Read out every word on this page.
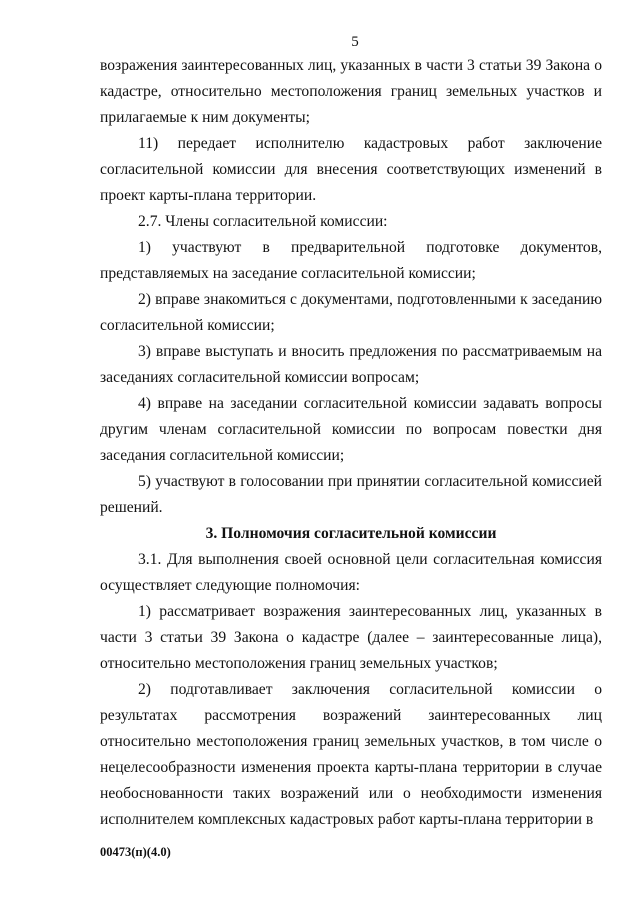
5

возражения заинтересованных лиц, указанных в части 3 статьи 39 Закона о кадастре, относительно местоположения границ земельных участков и прилагаемые к ним документы;

11) передает исполнителю кадастровых работ заключение согласительной комиссии для внесения соответствующих изменений в проект карты-плана территории.

2.7. Члены согласительной комиссии:

1) участвуют в предварительной подготовке документов, представляемых на заседание согласительной комиссии;

2) вправе знакомиться с документами, подготовленными к заседанию согласительной комиссии;

3) вправе выступать и вносить предложения по рассматриваемым на заседаниях согласительной комиссии вопросам;

4) вправе на заседании согласительной комиссии задавать вопросы другим членам согласительной комиссии по вопросам повестки дня заседания согласительной комиссии;

5) участвуют в голосовании при принятии согласительной комиссией решений.

3. Полномочия согласительной комиссии

3.1. Для выполнения своей основной цели согласительная комиссия осуществляет следующие полномочия:

1) рассматривает возражения заинтересованных лиц, указанных в части 3 статьи 39 Закона о кадастре (далее – заинтересованные лица), относительно местоположения границ земельных участков;

2) подготавливает заключения согласительной комиссии о результатах рассмотрения возражений заинтересованных лиц относительно местоположения границ земельных участков, в том числе о нецелесообразности изменения проекта карты-плана территории в случае необоснованности таких возражений или о необходимости изменения исполнителем комплексных кадастровых работ карты-плана территории в

00473(п)(4.0)
